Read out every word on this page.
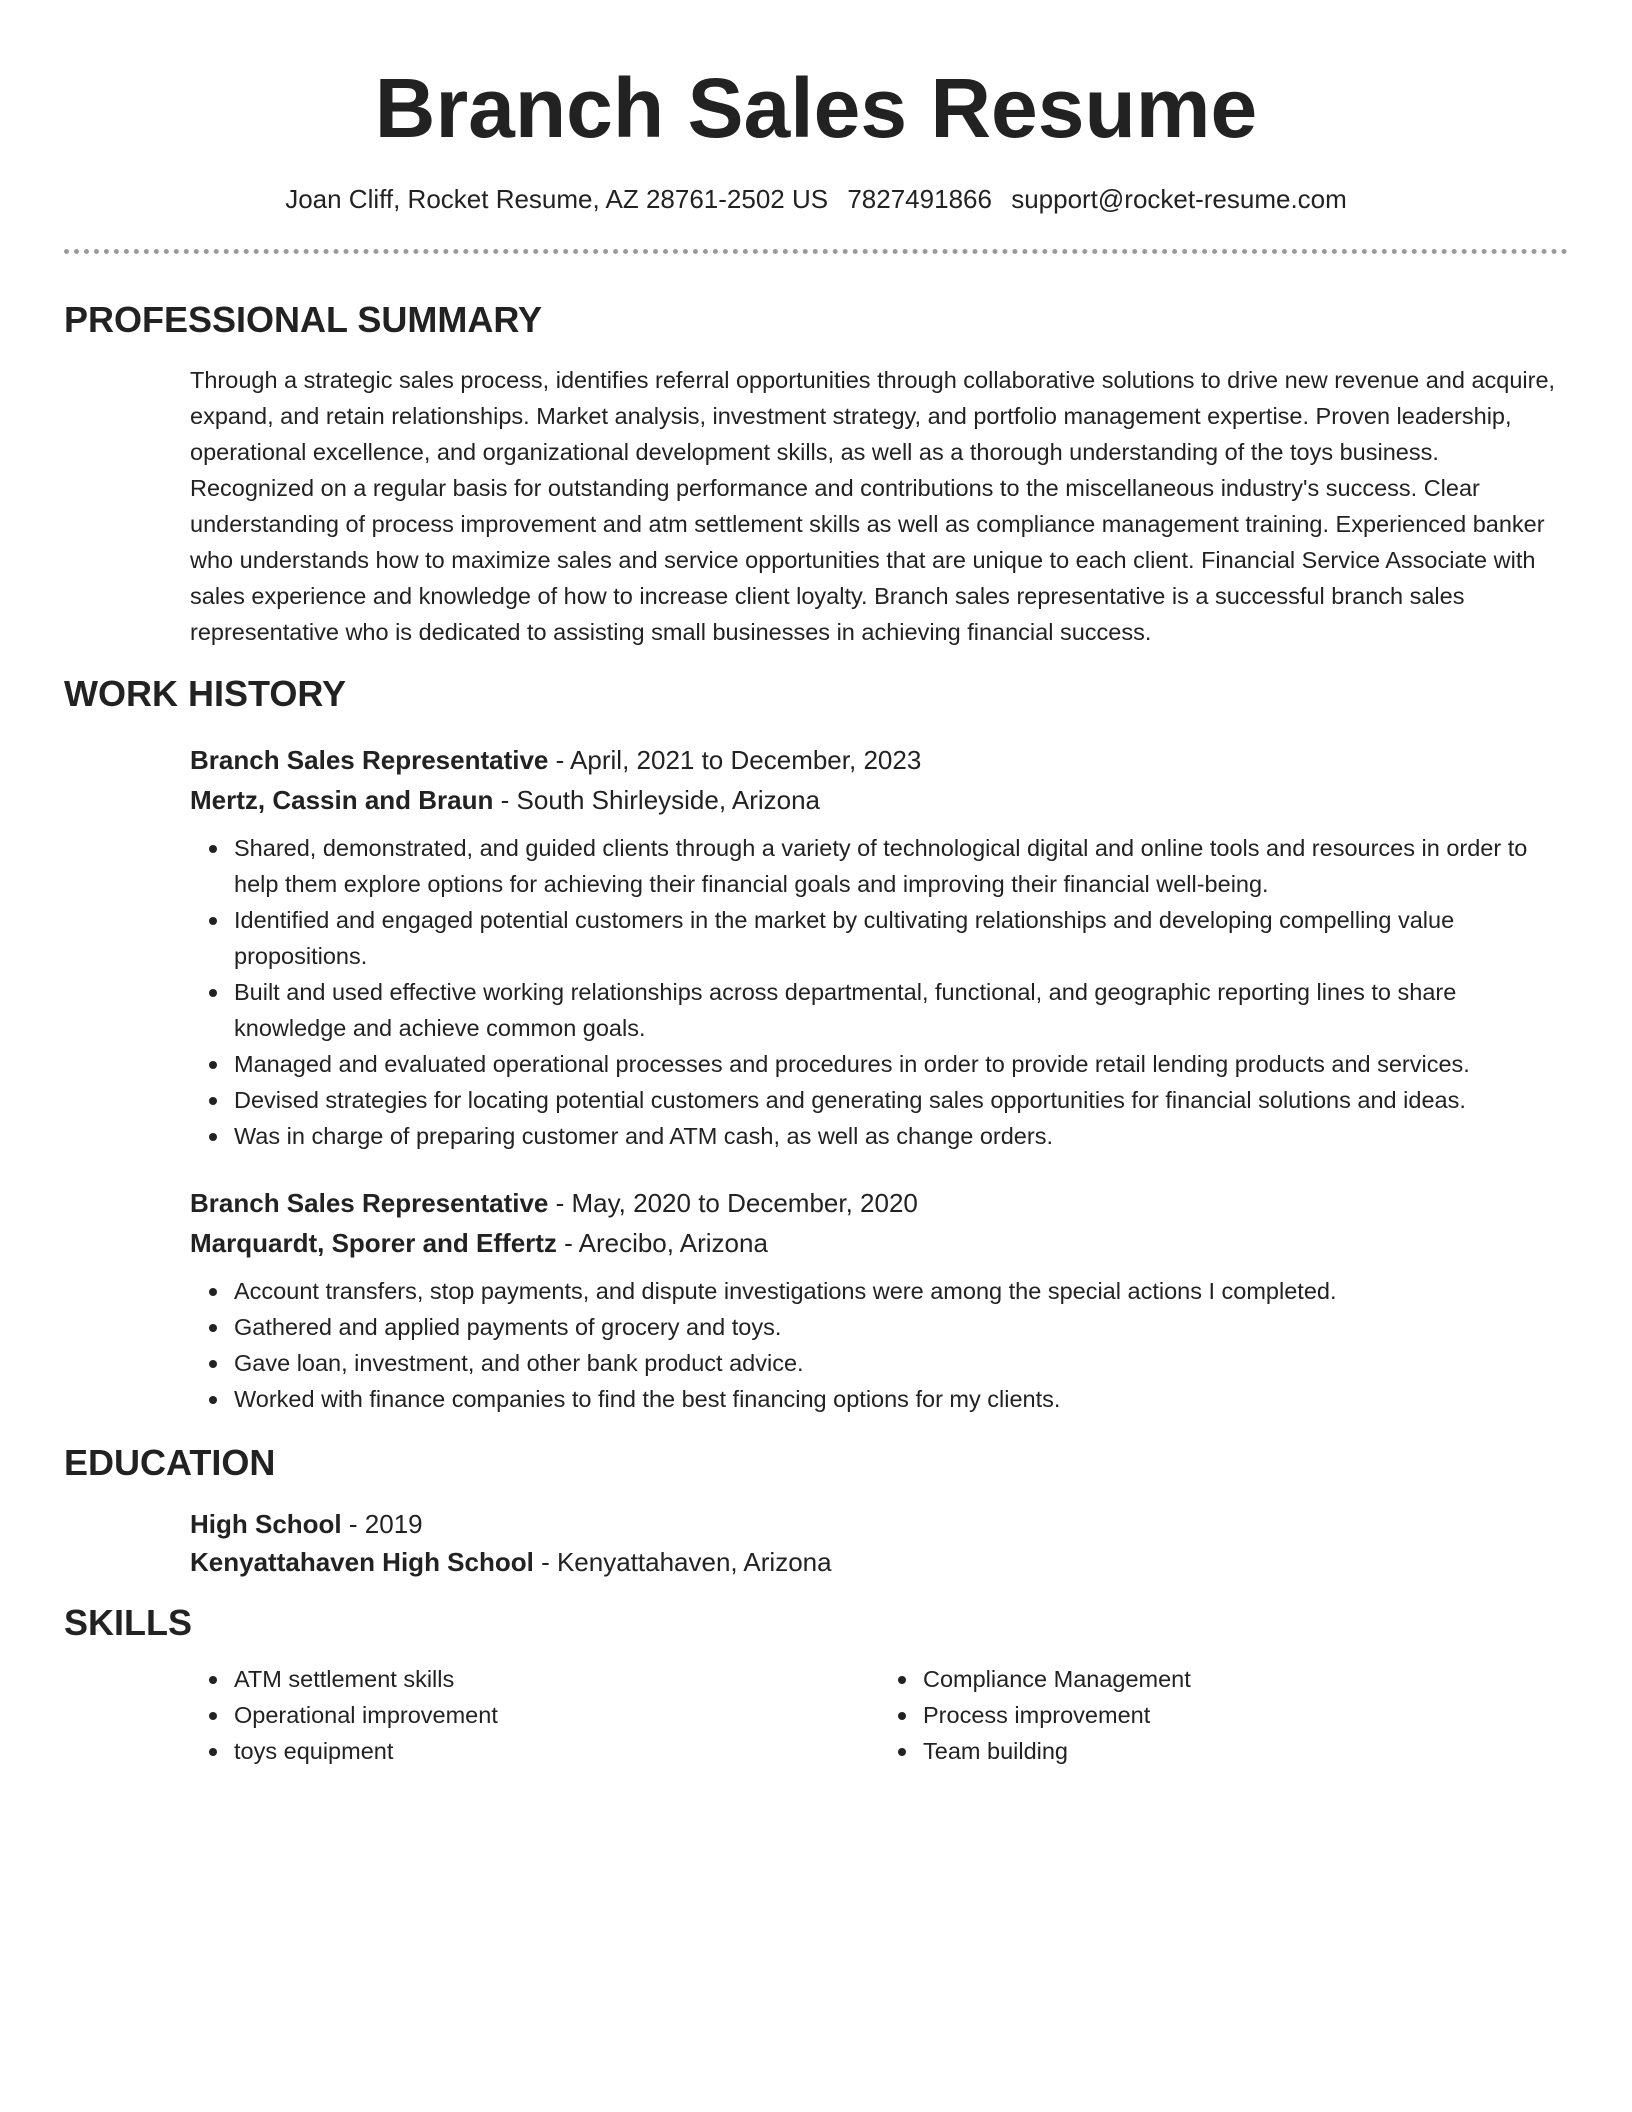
Branch Sales Resume
Joan Cliff, Rocket Resume, AZ 28761-2502 US 7827491866 support@rocket-resume.com
PROFESSIONAL SUMMARY

Through a strategic sales process, identifies referral opportunities through collaborative solutions to drive new revenue and acquire, expand, and retain relationships. Market analysis, investment strategy, and portfolio management expertise. Proven leadership, operational excellence, and organizational development skills, as well as a thorough understanding of the toys business. Recognized on a regular basis for outstanding performance and contributions to the miscellaneous industry's success. Clear understanding of process improvement and atm settlement skills as well as compliance management training. Experienced banker who understands how to maximize sales and service opportunities that are unique to each client. Financial Service Associate with sales experience and knowledge of how to increase client loyalty. Branch sales representative is a successful branch sales representative who is dedicated to assisting small businesses in achieving financial success.

WORK HISTORY
Branch Sales Representative - April, 2021 to December, 2023
Mertz, Cassin and Braun - South Shirleyside, Arizona
Shared, demonstrated, and guided clients through a variety of technological digital and online tools and resources in order to help them explore options for achieving their financial goals and improving their financial well-being.
Identified and engaged potential customers in the market by cultivating relationships and developing compelling value propositions.
Built and used effective working relationships across departmental, functional, and geographic reporting lines to share knowledge and achieve common goals.
Managed and evaluated operational processes and procedures in order to provide retail lending products and services.
Devised strategies for locating potential customers and generating sales opportunities for financial solutions and ideas.
Was in charge of preparing customer and ATM cash, as well as change orders.
Branch Sales Representative - May, 2020 to December, 2020
Marquardt, Sporer and Effertz - Arecibo, Arizona
Account transfers, stop payments, and dispute investigations were among the special actions I completed.
Gathered and applied payments of grocery and toys.
Gave loan, investment, and other bank product advice.
Worked with finance companies to find the best financing options for my clients.
EDUCATION
High School - 2019
Kenyattahaven High School - Kenyattahaven, Arizona
SKILLS
ATM settlement skills
Operational improvement
toys equipment
Compliance Management
Process improvement
Team building
